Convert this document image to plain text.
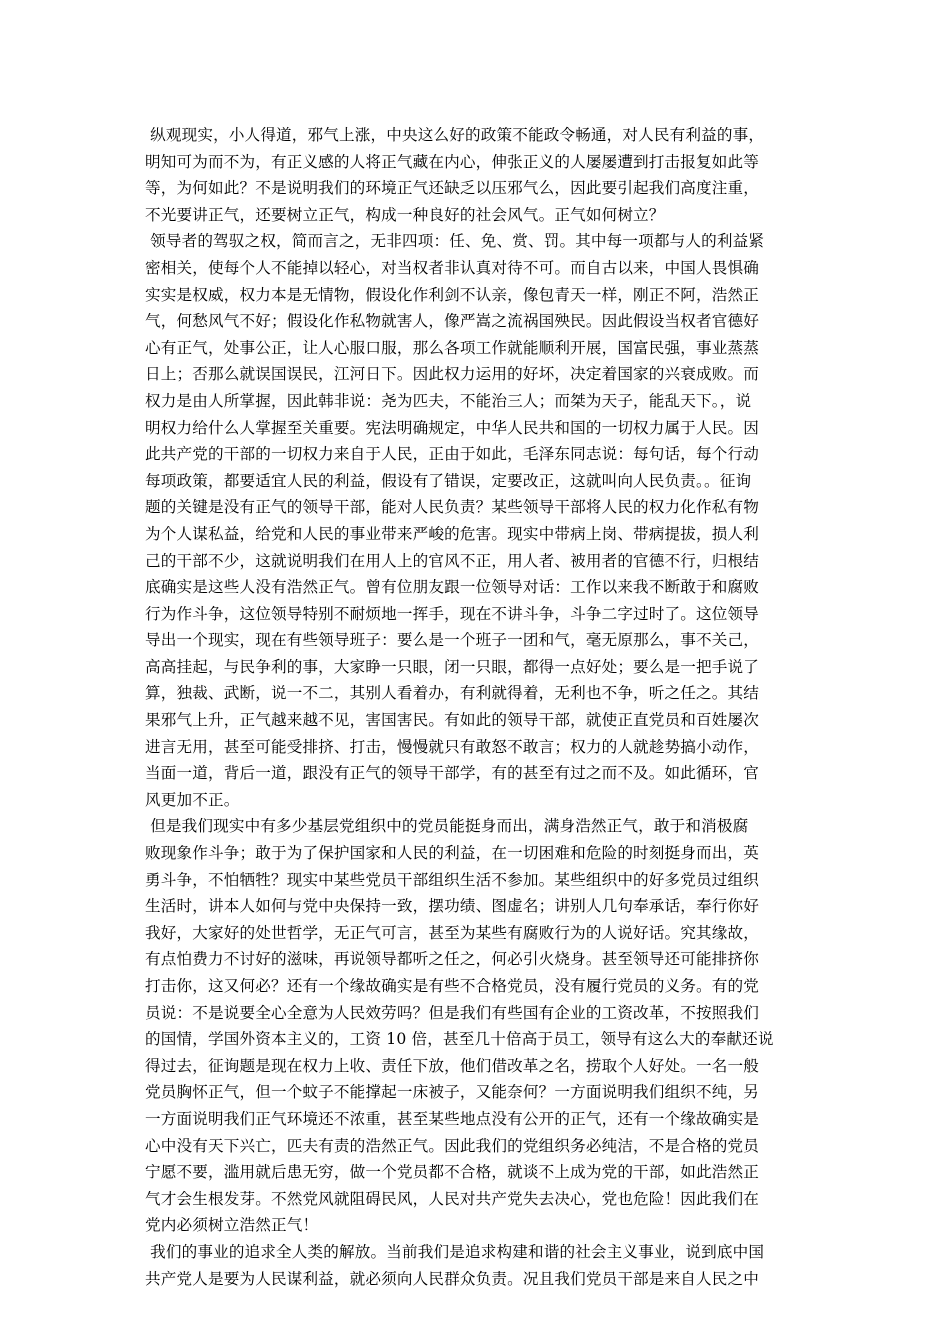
纵观现实，小人得道，邪气上涨，中央这么好的政策不能政令畅通，对人民有利益的事，
明知可为而不为，有正义感的人将正气藏在内心，伸张正义的人屡屡遭到打击报复如此等
等，为何如此？不是说明我们的环境正气还缺乏以压邪气么，因此要引起我们高度注重，
不光要讲正气，还要树立正气，构成一种良好的社会风气。正气如何树立？
领导者的驾驭之权，简而言之，无非四项：任、免、赏、罚。其中每一项都与人的利益紧
密相关，使每个人不能掉以轻心，对当权者非认真对待不可。而自古以来，中国人畏惧确
实实是权威，权力本是无情物，假设化作利剑不认亲，像包青天一样，刚正不阿，浩然正
气，何愁风气不好；假设化作私物就害人，像严嵩之流祸国殃民。因此假设当权者官德好
心有正气，处事公正，让人心服口服，那么各项工作就能顺利开展，国富民强，事业蒸蒸
日上；否那么就误国误民，江河日下。因此权力运用的好坏，决定着国家的兴衰成败。而
权力是由人所掌握，因此韩非说：尧为匹夫，不能治三人；而桀为天子，能乱天下。，说
明权力给什么人掌握至关重要。宪法明确规定，中华人民共和国的一切权力属于人民。因
此共产党的干部的一切权力来自于人民，正由于如此，毛泽东同志说：每句话，每个行动
每项政策，都要适宜人民的利益，假设有了错误，定要改正，这就叫向人民负责。。征询
题的关键是没有正气的领导干部，能对人民负责？某些领导干部将人民的权力化作私有物
为个人谋私益，给党和人民的事业带来严峻的危害。现实中带病上岗、带病提拔，损人利
己的干部不少，这就说明我们在用人上的官风不正，用人者、被用者的官德不行，归根结
底确实是这些人没有浩然正气。曾有位朋友跟一位领导对话：工作以来我不断敢于和腐败
行为作斗争，这位领导特别不耐烦地一挥手，现在不讲斗争，斗争二字过时了。这位领导
导出一个现实，现在有些领导班子：要么是一个班子一团和气，毫无原那么，事不关己，
高高挂起，与民争利的事，大家睁一只眼，闭一只眼，都得一点好处；要么是一把手说了
算，独裁、武断，说一不二，其别人看着办，有利就得着，无利也不争，听之任之。其结
果邪气上升，正气越来越不见，害国害民。有如此的领导干部，就使正直党员和百姓屡次
进言无用，甚至可能受排挤、打击，慢慢就只有敢怒不敢言；权力的人就趁势搞小动作，
当面一道，背后一道，跟没有正气的领导干部学，有的甚至有过之而不及。如此循环，官
风更加不正。
但是我们现实中有多少基层党组织中的党员能挺身而出，满身浩然正气，敢于和消极腐
败现象作斗争；敢于为了保护国家和人民的利益，在一切困难和危险的时刻挺身而出，英
勇斗争，不怕牺牲？现实中某些党员干部组织生活不参加。某些组织中的好多党员过组织
生活时，讲本人如何与党中央保持一致，摆功绩、图虚名；讲别人几句奉承话，奉行你好
我好，大家好的处世哲学，无正气可言，甚至为某些有腐败行为的人说好话。究其缘故，
有点怕费力不讨好的滋味，再说领导都听之任之，何必引火烧身。甚至领导还可能排挤你
打击你，这又何必？还有一个缘故确实是有些不合格党员，没有履行党员的义务。有的党
员说：不是说要全心全意为人民效劳吗？但是我们有些国有企业的工资改革，不按照我们
的国情，学国外资本主义的，工资 10 倍，甚至几十倍高于员工，领导有这么大的奉献还说
得过去，征询题是现在权力上收、责任下放，他们借改革之名，捞取个人好处。一名一般
党员胸怀正气，但一个蚊子不能撑起一床被子，又能奈何？一方面说明我们组织不纯，另
一方面说明我们正气环境还不浓重，甚至某些地点没有公开的正气，还有一个缘故确实是
心中没有天下兴亡，匹夫有责的浩然正气。因此我们的党组织务必纯洁，不是合格的党员
宁愿不要，滥用就后患无穷，做一个党员都不合格，就谈不上成为党的干部，如此浩然正
气才会生根发芽。不然党风就阻碍民风，人民对共产党失去决心，党也危险！因此我们在
党内必须树立浩然正气！
我们的事业的追求全人类的解放。当前我们是追求构建和谐的社会主义事业，说到底中国
共产党人是要为人民谋利益，就必须向人民群众负责。况且我们党员干部是来自人民之中
